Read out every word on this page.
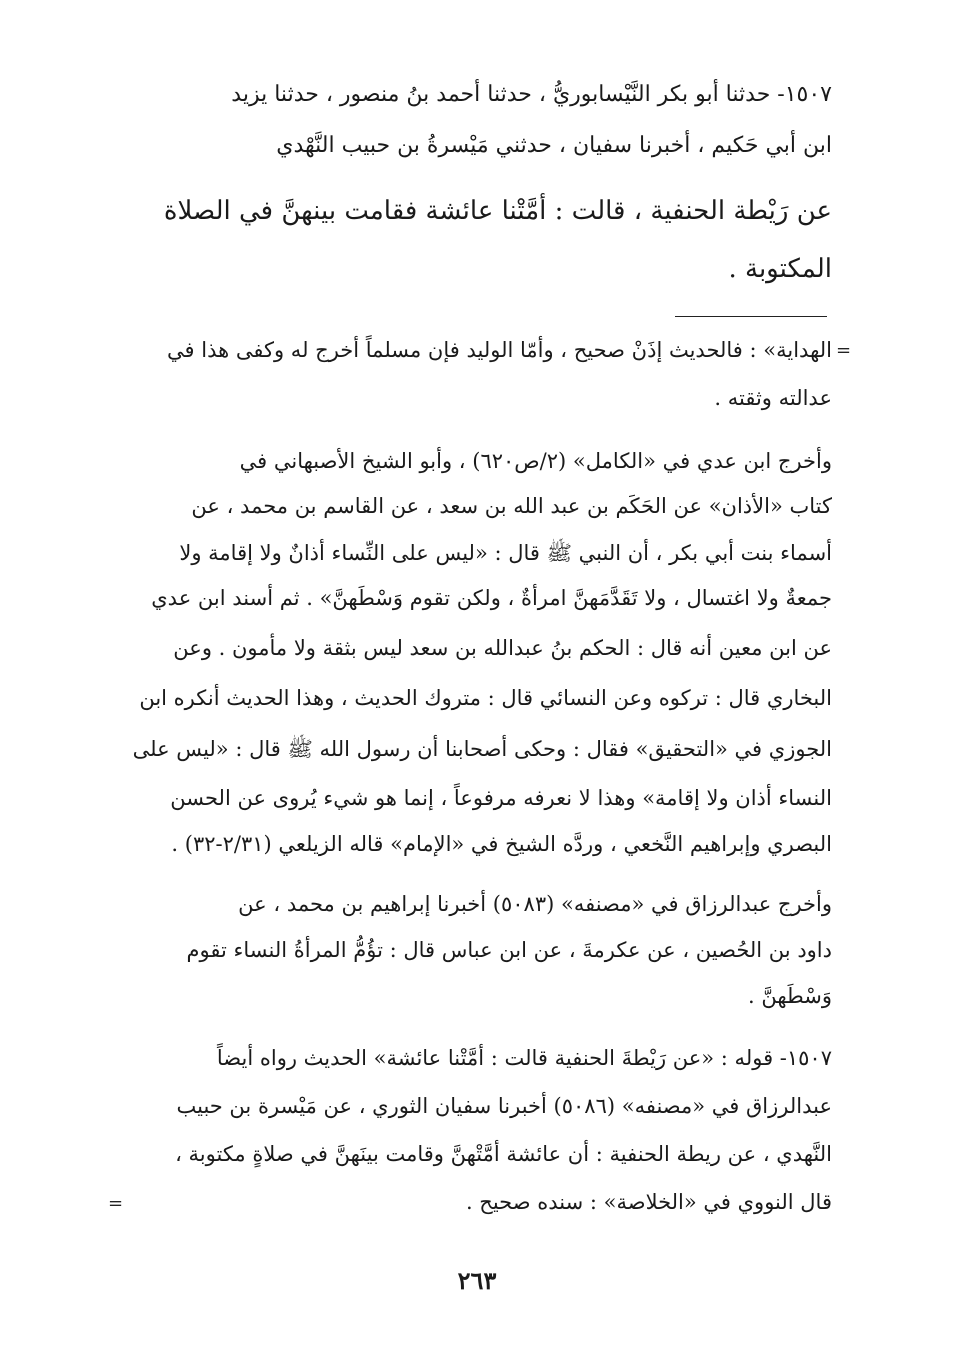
١٥٠٧- حدثنا أبو بكر النَّيْسابوريُّ ، حدثنا أحمد بنُ منصور ، حدثنا يزيد

ابن أبي حَكيم ، أخبرنا سفيان ، حدثني مَيْسرةُ بن حبيب النَّهْدي

عن رَيْطة الحنفية ، قالت : أمَّتْنا عائشة فقامت بينهنَّ في الصلاة

المكتوبة .

=

الهداية» : فالحديث إذَنْ صحيح ، وأمّا الوليد فإن مسلماً أخرج له وكفى هذا في

عدالته وثقته .

وأخرج ابن عدي في «الكامل» (٢/ص٦٢٠) ، وأبو الشيخ الأصبهاني في

كتاب «الأذان» عن الحَكَم بن عبد الله بن سعد ، عن القاسم بن محمد ، عن

أسماء بنت أبي بكر ، أن النبي ﷺ قال : «ليس على النِّساء أذانٌ ولا إقامة ولا

جمعةٌ ولا اغتسال ، ولا تَقَدَّمَهنَّ امرأةٌ ، ولكن تقوم وَسْطَهنَّ» . ثم أسند ابن عدي

عن ابن معين أنه قال : الحكم بنُ عبدالله بن سعد ليس بثقة ولا مأمون . وعن

البخاري قال : تركوه وعن النسائي قال : متروك الحديث ، وهذا الحديث أنكره ابن

الجوزي في «التحقيق» فقال : وحكى أصحابنا أن رسول الله ﷺ قال : «ليس على

النساء أذان ولا إقامة» وهذا لا نعرفه مرفوعاً ، إنما هو شيء يُروى عن الحسن

البصري وإبراهيم النَّخعي ، وردَّه الشيخ في «الإمام» قاله الزيلعي (٢/٣١-٣٢) .

وأخرج عبدالرزاق في «مصنفه» (٥٠٨٣) أخبرنا إبراهيم بن محمد ، عن

داود بن الحُصين ، عن عكرمةَ ، عن ابن عباس قال : تؤُمُّ المرأةُ النساء تقوم

وَسْطَهنَّ .

١٥٠٧- قوله : «عن رَيْطةَ الحنفية قالت : أمَّتْنا عائشة» الحديث رواه أيضاً

عبدالرزاق في «مصنفه» (٥٠٨٦) أخبرنا سفيان الثوري ، عن مَيْسرة بن حبيب

النَّهدي ، عن ريطة الحنفية : أن عائشة أمَّتْهنَّ وقامت بينَهنَّ في صلاةٍ مكتوبة ،

قال النووي في «الخلاصة» : سنده صحيح .

=
٢٦٣
